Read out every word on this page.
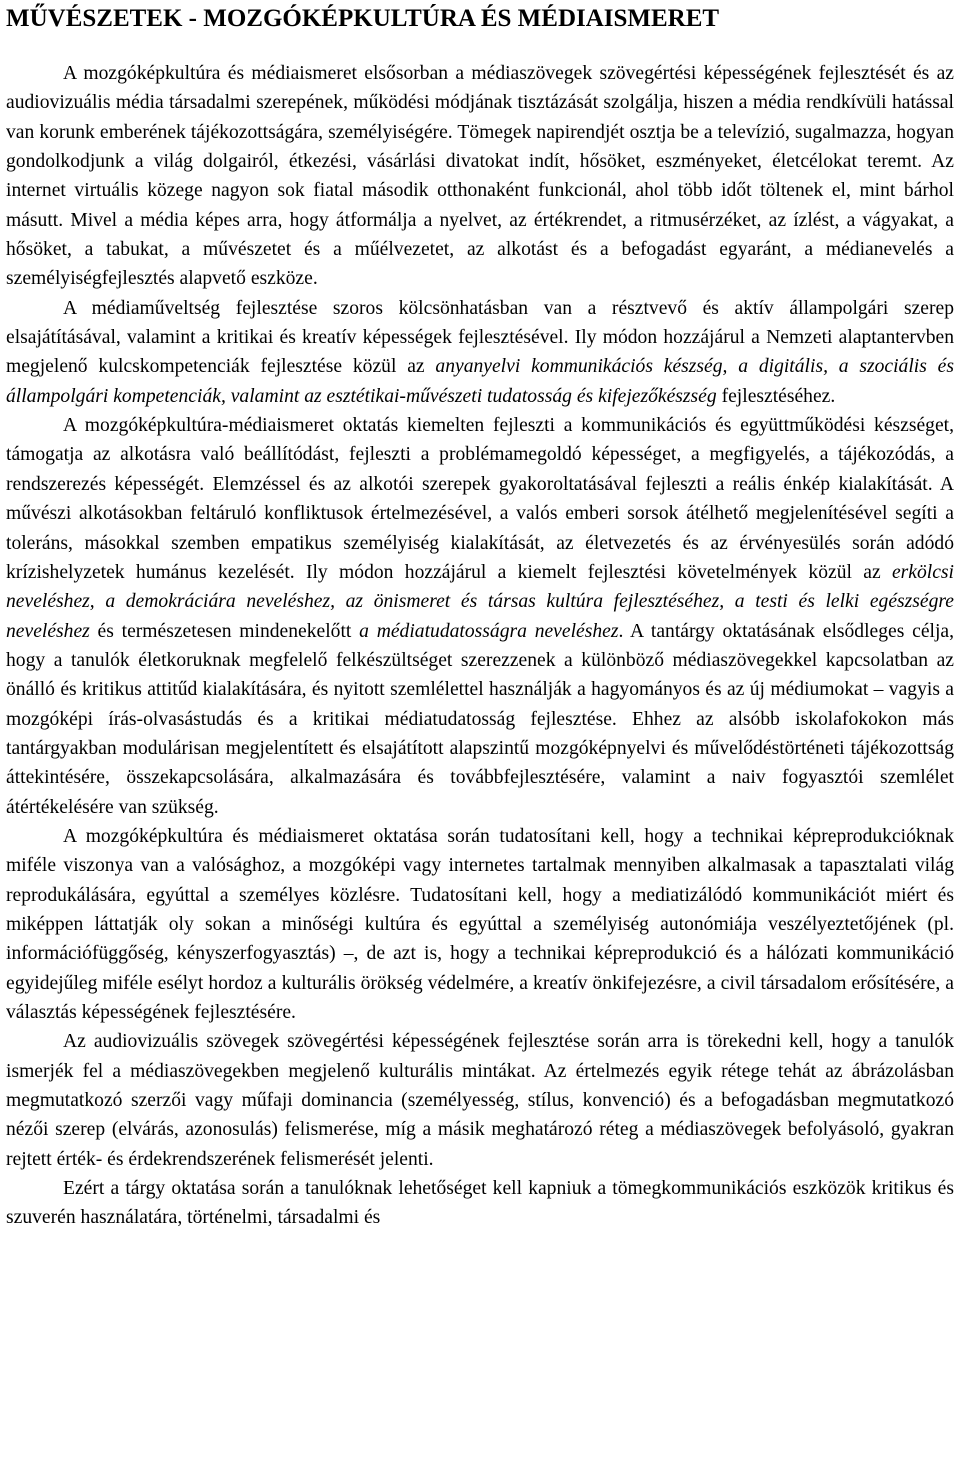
MŰVÉSZETEK - MOZGÓKÉPKULTÚRA ÉS MÉDIAISMERET

A mozgóképkultúra és médiaismeret elsősorban a médiaszövegek szövegértési képességének fejlesztését és az audiovizuális média társadalmi szerepének, működési módjának tisztázását szolgálja, hiszen a média rendkívüli hatással van korunk emberének tájékozottságára, személyiségére. Tömegek napirendjét osztja be a televízió, sugalmazza, hogyan gondolkodjunk a világ dolgairól, étkezési, vásárlási divatokat indít, hősöket, eszményeket, életcélokat teremt. Az internet virtuális közege nagyon sok fiatal második otthonaként funkcionál, ahol több időt töltenek el, mint bárhol másutt. Mivel a média képes arra, hogy átformálja a nyelvet, az értékrendet, a ritmusérzéket, az ízlést, a vágyakat, a hősöket, a tabukat, a művészetet és a műélvezetet, az alkotást és a befogadást egyaránt, a médianevelés a személyiségfejlesztés alapvető eszköze.

A médiaműveltség fejlesztése szoros kölcsönhatásban van a résztvevő és aktív állampolgári szerep elsajátításával, valamint a kritikai és kreatív képességek fejlesztésével. Ily módon hozzájárul a Nemzeti alaptantervben megjelenő kulcskompetenciák fejlesztése közül az anyanyelvi kommunikációs készség, a digitális, a szociális és állampolgári kompetenciák, valamint az esztétikai-művészeti tudatosság és kifejezőkészség fejlesztéséhez.

A mozgóképkultúra-médiaismeret oktatás kiemelten fejleszti a kommunikációs és együttműködési készséget, támogatja az alkotásra való beállítódást, fejleszti a problémamegoldó képességet, a megfigyelés, a tájékozódás, a rendszerezés képességét. Elemzéssel és az alkotói szerepek gyakoroltatásával fejleszti a reális énkép kialakítását. A művészi alkotásokban feltáruló konfliktusok értelmezésével, a valós emberi sorsok átélhető megjelenítésével segíti a toleráns, másokkal szemben empatikus személyiség kialakítását, az életvezetés és az érvényesülés során adódó krízishelyzetek humánus kezelését. Ily módon hozzájárul a kiemelt fejlesztési követelmények közül az erkölcsi neveléshez, a demokráciára neveléshez, az önismeret és társas kultúra fejlesztéséhez, a testi és lelki egészségre neveléshez és természetesen mindenekelőtt a médiatudatosságra neveléshez. A tantárgy oktatásának elsődleges célja, hogy a tanulók életkoruknak megfelelő felkészültséget szerezzenek a különböző médiaszövegekkel kapcsolatban az önálló és kritikus attitűd kialakítására, és nyitott szemlélettel használják a hagyományos és az új médiumokat – vagyis a mozgóképi írás-olvasástudás és a kritikai médiatudatosság fejlesztése. Ehhez az alsóbb iskolafokokon más tantárgyakban modulárisan megjelentített és elsajátított alapszintű mozgóképnyelvi és művelődéstörténeti tájékozottság áttekintésére, összekapcsolására, alkalmazására és továbbfejlesztésére, valamint a naiv fogyasztói szemlélet átértékelésére van szükség.

A mozgóképkultúra és médiaismeret oktatása során tudatosítani kell, hogy a technikai képreprodukcióknak miféle viszonya van a valósághoz, a mozgóképi vagy internetes tartalmak mennyiben alkalmasak a tapasztalati világ reprodukálására, egyúttal a személyes közlésre. Tudatosítani kell, hogy a mediatizálódó kommunikációt miért és miképpen láttatják oly sokan a minőségi kultúra és egyúttal a személyiség autonómiája veszélyeztetőjének (pl. információfüggőség, kényszerfogyasztás) –, de azt is, hogy a technikai képreprodukció és a hálózati kommunikáció egyidejűleg miféle esélyt hordoz a kulturális örökség védelmére, a kreatív önkifejezésre, a civil társadalom erősítésére, a választás képességének fejlesztésére.

Az audiovizuális szövegek szövegértési képességének fejlesztése során arra is törekedni kell, hogy a tanulók ismerjék fel a médiaszövegekben megjelenő kulturális mintákat. Az értelmezés egyik rétege tehát az ábrázolásban megmutatkozó szerzői vagy műfaji dominancia (személyesség, stílus, konvenció) és a befogadásban megmutatkozó nézői szerep (elvárás, azonosulás) felismerése, míg a másik meghatározó réteg a médiaszövegek befolyásoló, gyakran rejtett érték- és érdekrendszerének felismerését jelenti.

Ezért a tárgy oktatása során a tanulóknak lehetőséget kell kapniuk a tömegkommunikációs eszközök kritikus és szuverén használatára, történelmi, társadalmi és
